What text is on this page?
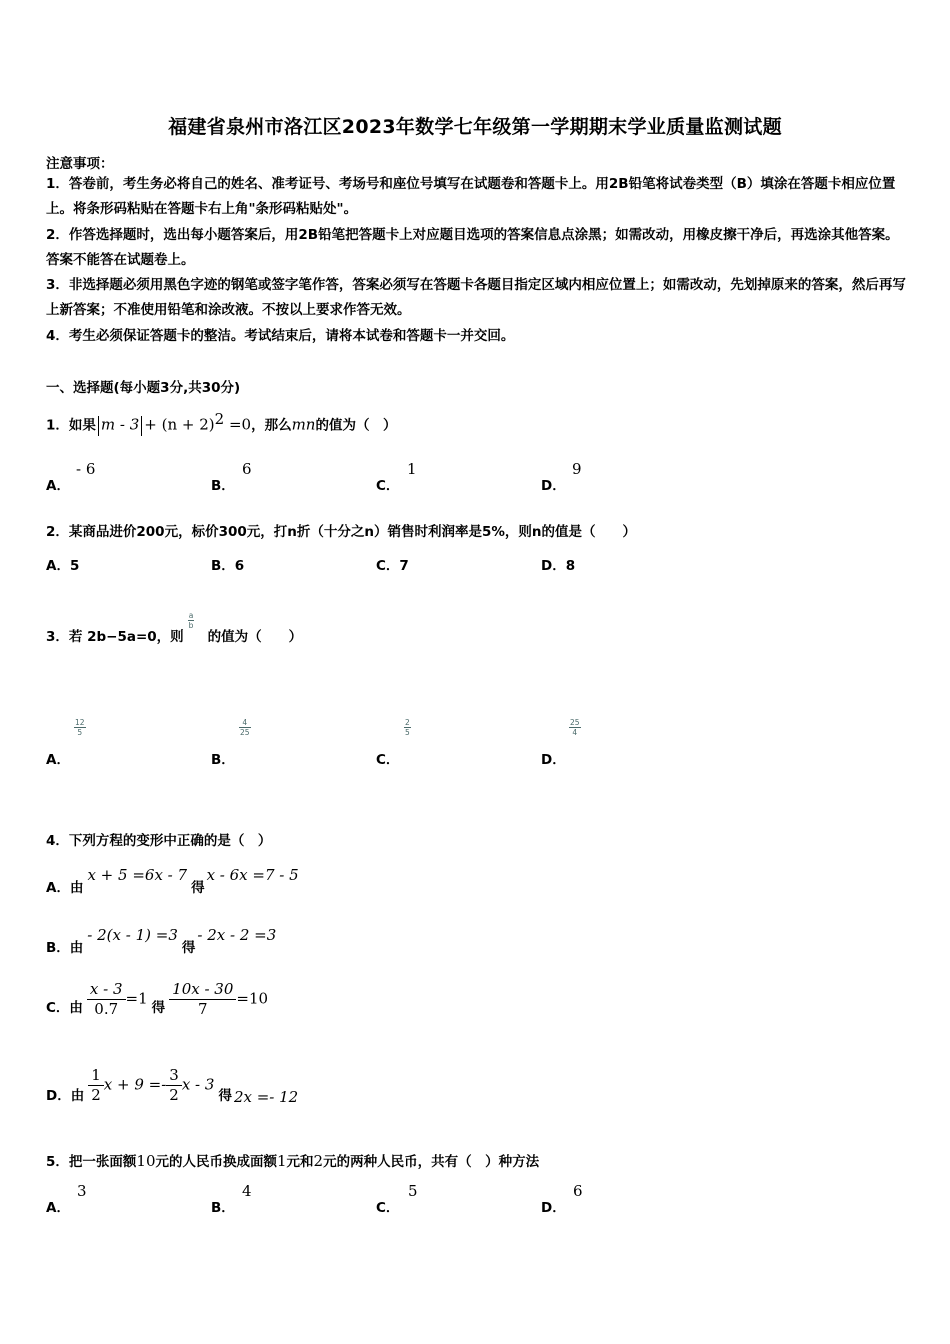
福建省泉州市洛江区2023年数学七年级第一学期期末学业质量监测试题
注意事项：

1．答卷前，考生务必将自己的姓名、准考证号、考场号和座位号填写在试题卷和答题卡上。用2B铅笔将试卷类型（B）填涂在答题卡相应位置上。将条形码粘贴在答题卡右上角"条形码粘贴处"。

2．作答选择题时，选出每小题答案后，用2B铅笔把答题卡上对应题目选项的答案信息点涂黑；如需改动，用橡皮擦干净后，再选涂其他答案。答案不能答在试题卷上。

3．非选择题必须用黑色字迹的钢笔或签字笔作答，答案必须写在答题卡各题目指定区域内相应位置上；如需改动，先划掉原来的答案，然后再写上新答案；不准使用铅笔和涂改液。不按以上要求作答无效。

4．考生必须保证答题卡的整洁。考试结束后，请将本试卷和答题卡一并交回。

一、选择题(每小题3分,共30分)
1．如果 $m - 3 + (n + 2)^2 =0$，那么mn的值为（　）
A．
- 6
B．
6
C．
1
D．
9
2．某商品进价200元，标价300元，打n折（十分之n）销售时利润率是5%，则n的值是（　　）
A．5	B．6	C．7	D．8
3．若 2b−5a=0，则
$\frac{a}{b}$
的值为（　　）
A．
$\frac{12}{5}$
B．
$\frac{4}{25}$
C．
$\frac{2}{5}$
D．
$\frac{25}{4}$
4．下列方程的变形中正确的是（　）
A．由x + 5 =6x - 7得x - 6x =7 - 5
B．由- 2(x - 1) =3得- 2x - 2 =3
C．由 $\frac{x - 3}{0.7} =1$ 得 $\frac{10x - 30}{7} =10$
D．由 $\frac{1}{2}$ $x + 9 =- \frac{3}{2}$ x - 3得 2x =- 12
5．把一张面额10元的人民币换成面额1元和2元的两种人民币，共有（　）种方法
A．
3
B．
4
C．
5
D．
6
